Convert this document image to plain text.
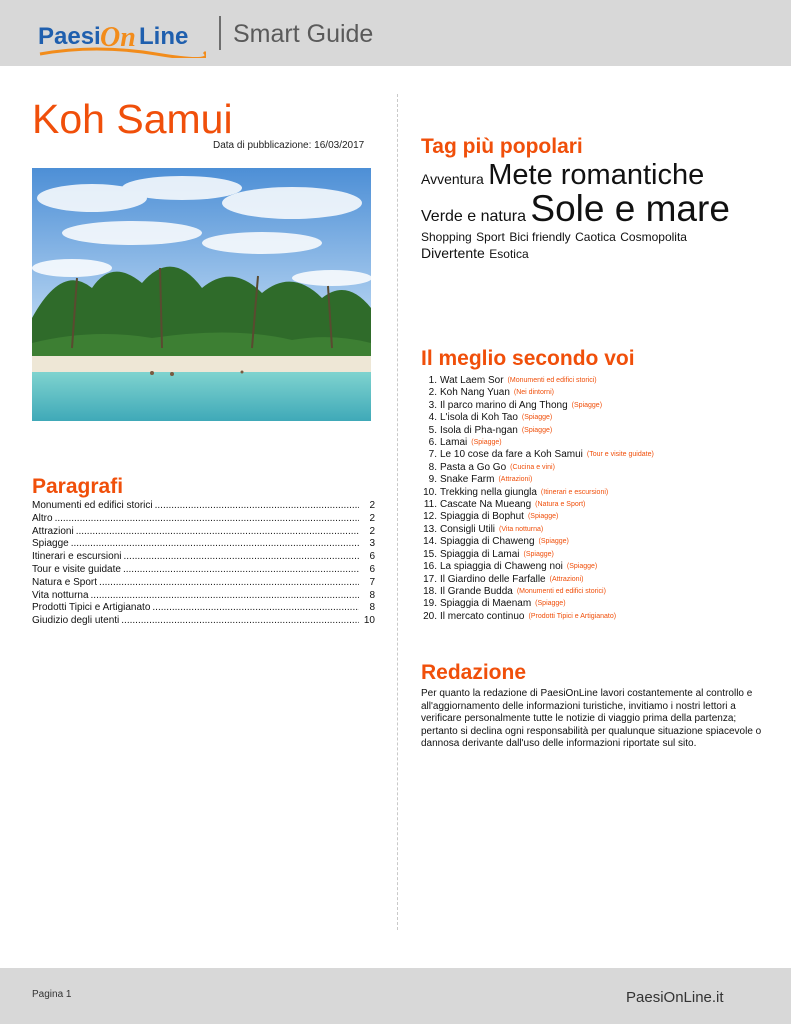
Paesi On Line Smart Guide
Koh Samui
Data di pubblicazione: 16/03/2017
Paragrafi
Monumenti ed edifici storici .....	2
Altro .....	2
Attrazioni .....	2
Spiagge .....	3
Itinerari e escursioni .....	6
Tour e visite guidate .....	6
Natura e Sport .....	7
Vita notturna .....	8
Prodotti Tipici e Artigianato .....	8
Giudizio degli utenti .....	10
Tag più popolari
Avventura Mete romantiche Verde e natura Sole e mare Shopping Sport Bici friendly Caotica Cosmopolita Divertente Esotica
Il meglio secondo voi
1. Wat Laem Sor (Monumenti ed edifici storici)
2. Koh Nang Yuan (Nei dintorni)
3. Il parco marino di Ang Thong (Spiagge)
4. L'isola di Koh Tao (Spiagge)
5. Isola di Pha-ngan (Spiagge)
6. Lamai (Spiagge)
7. Le 10 cose da fare a Koh Samui (Tour e visite guidate)
8. Pasta a Go Go (Cucina e vini)
9. Snake Farm (Attrazioni)
10. Trekking nella giungla (Itinerari e escursioni)
11. Cascate Na Mueang (Natura e Sport)
12. Spiaggia di Bophut (Spiagge)
13. Consigli Utili (Vita notturna)
14. Spiaggia di Chaweng (Spiagge)
15. Spiaggia di Lamai (Spiagge)
16. La spiaggia di Chaweng noi (Spiagge)
17. Il Giardino delle Farfalle (Attrazioni)
18. Il Grande Budda (Monumenti ed edifici storici)
19. Spiaggia di Maenam (Spiagge)
20. Il mercato continuo (Prodotti Tipici e Artigianato)
Redazione

Per quanto la redazione di PaesiOnLine lavori costantemente al controllo e all'aggiornamento delle informazioni turistiche, invitiamo i nostri lettori a verificare personalmente tutte le notizie di viaggio prima della partenza; pertanto si declina ogni responsabilità per qualunque situazione spiacevole o dannosa derivante dall'uso delle informazioni riportate sul sito.

Pagina 1	PaesiOnLine.it
